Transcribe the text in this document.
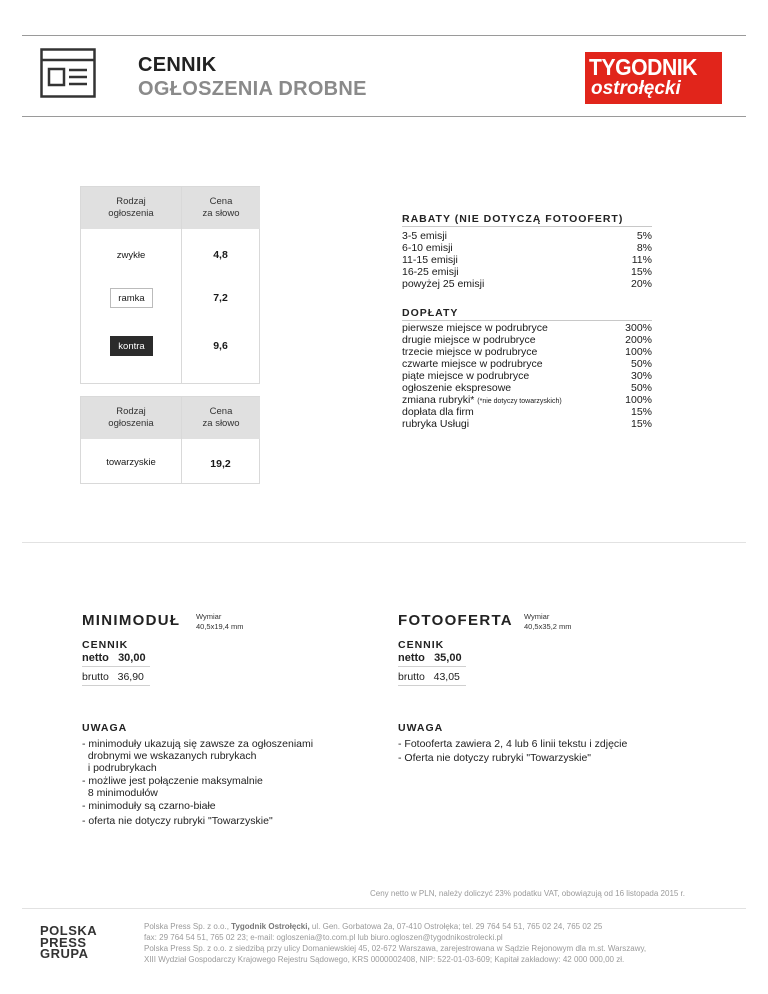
CENNIK
OGŁOSZENIA DROBNE
TYGODNIK
ostrołęcki
Rodzaj
ogłoszenia
Cena
za słowo
zwykłe	4,8
ramka	7,2
kontra	9,6
Rodzaj
ogłoszenia
Cena
za słowo
towarzyskie	19,2
RABATY (NIE DOTYCZĄ FOTOOFERT)
3-5 emisji	5%
6-10 emisji	8%
11-15 emisji	11%
16-25 emisji	15%
powyżej 25 emisji	20%
DOPŁATY
pierwsze miejsce w podrubryce	300%
drugie miejsce w podrubryce	200%
trzecie miejsce w podrubryce	100%
czwarte miejsce w podrubryce	50%
piąte miejsce w podrubryce	30%
ogłoszenie ekspresowe	50%
zmiana rubryki* (*nie dotyczy towarzyskich)	100%
dopłata dla firm	15%
rubryka Usługi	15%
MINIMODUŁ Wymiar
40,5x19,4 mm
CENNIK
netto 30,00
brutto 36,90
UWAGA
- minimoduły ukazują się zawsze za ogłoszeniami
drobnymi we wskazanych rubrykach
i podrubrykach
- możliwe jest połączenie maksymalnie
8 minimodułów
- minimoduły są czarno-białe
- oferta nie dotyczy rubryki "Towarzyskie"
FOTOOFERTA Wymiar
40,5x35,2 mm
CENNIK
netto 35,00
brutto 43,05
UWAGA
- Fotooferta zawiera 2, 4 lub 6 linii tekstu i zdjęcie
- Oferta nie dotyczy rubryki "Towarzyskie"
Ceny netto w PLN, należy doliczyć 23% podatku VAT, obowiązują od 16 listopada 2015 r.
POLSKA
PRESS
GRUPA
Polska Press Sp. z o.o., Tygodnik Ostrołęcki, ul. Gen. Gorbatowa 2a, 07-410 Ostrołęka; tel. 29 764 54 51, 765 02 24, 765 02 25
fax: 29 764 54 51, 765 02 23; e-mail: ogloszenia@to.com.pl lub biuro.ogloszen@tygodnikostrolecki.pl
Polska Press Sp. z o.o. z siedzibą przy ulicy Domaniewskiej 45, 02-672 Warszawa, zarejestrowana w Sądzie Rejonowym dla m.st. Warszawy,
XIII Wydział Gospodarczy Krajowego Rejestru Sądowego, KRS 0000002408, NIP: 522-01-03-609; Kapitał zakładowy: 42 000 000,00 zł.
